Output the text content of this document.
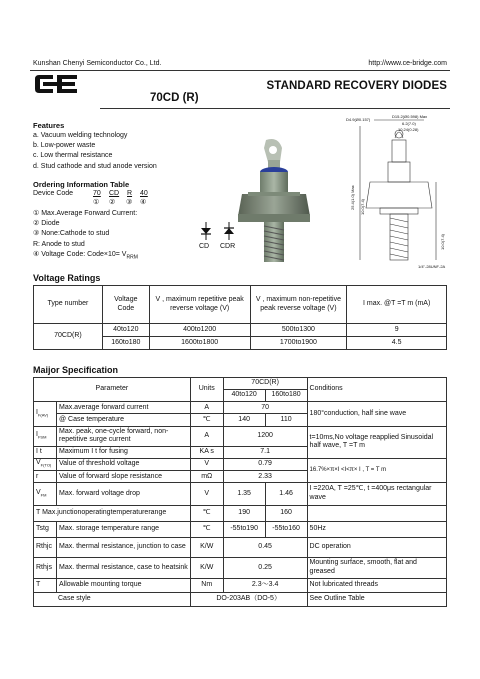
Kunshan Chenyi Semiconductor Co., Ltd.	http://www.ce-bridge.com
STANDARD RECOVERY DIODES
70CD (R)
Features
a. Vacuum welding technology
b. Low-power waste
c. Low thermal resistance
d. Stud cathode and stud anode version
Ordering Information Table
Device Code	70 CD R 40
① ② ③ ④
① Max.Average Forward Current:
② Diode
③ None:Cathode to stud
R: Anode to stud
④ Voltage Code: Code×10= $V_{RRM}$
CD CDR
D4.9(Ø0.157)
D15.2(Ø0.598) Max
6.2(7.0)
10.24(0.28)
25.4(1.0) Max 10.0(7.4)
10.0(7.4)
1/4"-28UNF-2A
Voltage Ratings
Type number	Voltage Code	V , maximum repetitive peak reverse voltage (V)	V , maximum non-repetitive peak reverse voltage (V)	I max. @T =T m (mA)
70CD(R)	40to120	400to1200	500to1300	9
	160to180	1600to1800	1700to1900	4.5
Maijor Specification
Parameter		Units	70CD(R)		Conditions
			40to120	160to180	
$I_{F(AV)}$	Max.average forward current	A	70		180°conduction, half sine wave
	@ Case temperature	℃	140	110	
$I_{FSM}$	Max. peak, one-cycle forward, non-repetitive surge current	A	1200		t=10ms,No voltage reapplied Sinusoidal half wave, T =T m
I t	Maximum I t for fusing	KA s	7.1		
$V_{F(TO)}$	Value of threshold voltage	V	0.79		16.7%×π×I <I<π× I , T = T m
r	Value of forward slope resistance	mΩ	2.33		
$V_{FM}$	Max. forward voltage drop	V	1.35	1.46	I =220A, T =25℃, t =400μs rectangular wave
T Max.junctionoperatingtemperaturerange		℃	190	160	
Tstg	Max. storage temperature range	℃	-55to190	-55to160	50Hz
Rthjc	Max. thermal resistance, junction to case	K/W	0.45		DC operation
Rthjs	Max. thermal resistance, case to heatsink	K/W	0.25		Mounting surface, smooth, flat and greased
T	Allowable mounting torque	Nm	2.3～3.4		Not lubricated threads
Case style		DO-203AB（DO-5）			See Outline Table
